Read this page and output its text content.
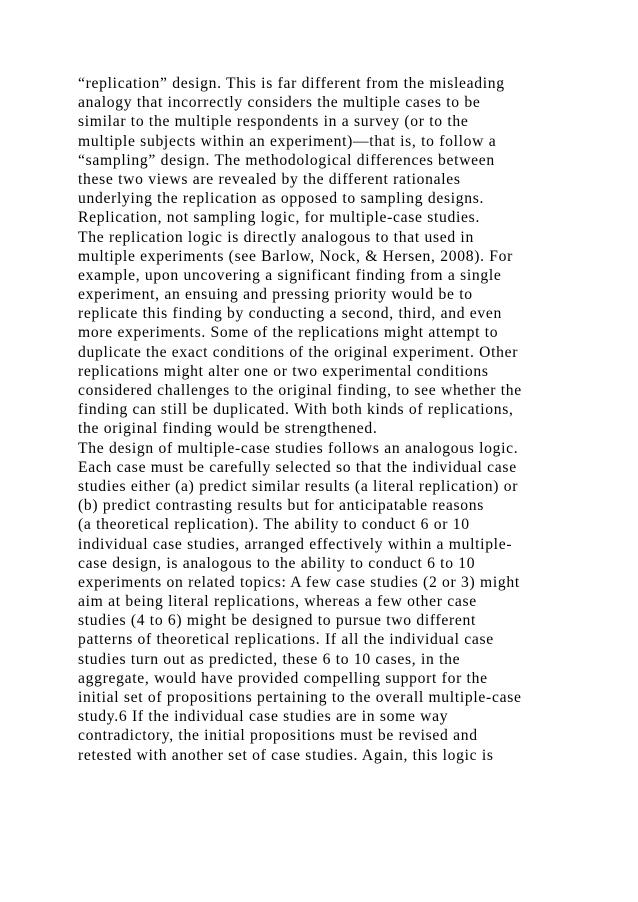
“replication” design. This is far different from the misleading
analogy that incorrectly considers the multiple cases to be
similar to the multiple respondents in a survey (or to the
multiple subjects within an experiment)—that is, to follow a
“sampling” design. The methodological differences between
these two views are revealed by the different rationales
underlying the replication as opposed to sampling designs.
Replication, not sampling logic, for multiple-case studies.
The replication logic is directly analogous to that used in
multiple experiments (see Barlow, Nock, & Hersen, 2008). For
example, upon uncovering a significant finding from a single
experiment, an ensuing and pressing priority would be to
replicate this finding by conducting a second, third, and even
more experiments. Some of the replications might attempt to
duplicate the exact conditions of the original experiment. Other
replications might alter one or two experimental conditions
considered challenges to the original finding, to see whether the
finding can still be duplicated. With both kinds of replications,
the original finding would be strengthened.
The design of multiple-case studies follows an analogous logic.
Each case must be carefully selected so that the individual case
studies either (a) predict similar results (a literal replication) or
(b) predict contrasting results but for anticipatable reasons
(a theoretical replication). The ability to conduct 6 or 10
individual case studies, arranged effectively within a multiple-
case design, is analogous to the ability to conduct 6 to 10
experiments on related topics: A few case studies (2 or 3) might
aim at being literal replications, whereas a few other case
studies (4 to 6) might be designed to pursue two different
patterns of theoretical replications. If all the individual case
studies turn out as predicted, these 6 to 10 cases, in the
aggregate, would have provided compelling support for the
initial set of propositions pertaining to the overall multiple-case
study.6 If the individual case studies are in some way
contradictory, the initial propositions must be revised and
retested with another set of case studies. Again, this logic is
